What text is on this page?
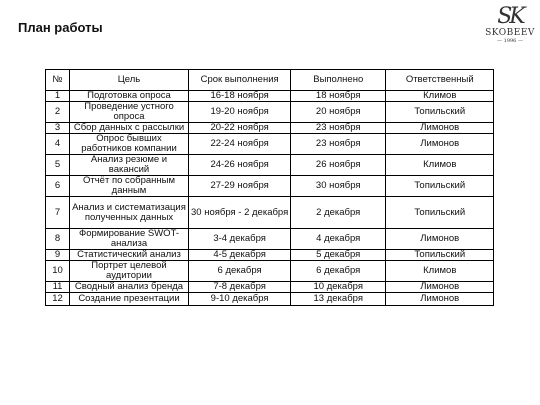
План работы	SK
SKOBEEV
— 1996 —
№	Цель	Срок выполнения	Выполнено	Ответственный
1	Подготовка опроса	16-18 ноября	18 ноября	Климов
2	Проведение устного опроса	19-20 ноября	20 ноября	Топильский
3	Сбор данных с рассылки	20-22 ноября	23 ноября	Лимонов
4	Опрос бывших работников компании	22-24 ноября	23 ноября	Лимонов
5	Анализ резюме и вакансий	24-26 ноября	26 ноября	Климов
6	Отчёт по собранным данным	27-29 ноября	30 ноября	Топильский
7	Анализ и систематизация полученных данных	30 ноября - 2 декабря	2 декабря	Топильский
8	Формирование SWOT-анализа	3-4 декабря	4 декабря	Лимонов
9	Статистический анализ	4-5 декабря	5 декабря	Топильский
10	Портрет целевой аудитории	6 декабря	6 декабря	Климов
11	Сводный анализ бренда	7-8 декабря	10 декабря	Лимонов
12	Создание презентации	9-10 декабря	13 декабря	Лимонов
